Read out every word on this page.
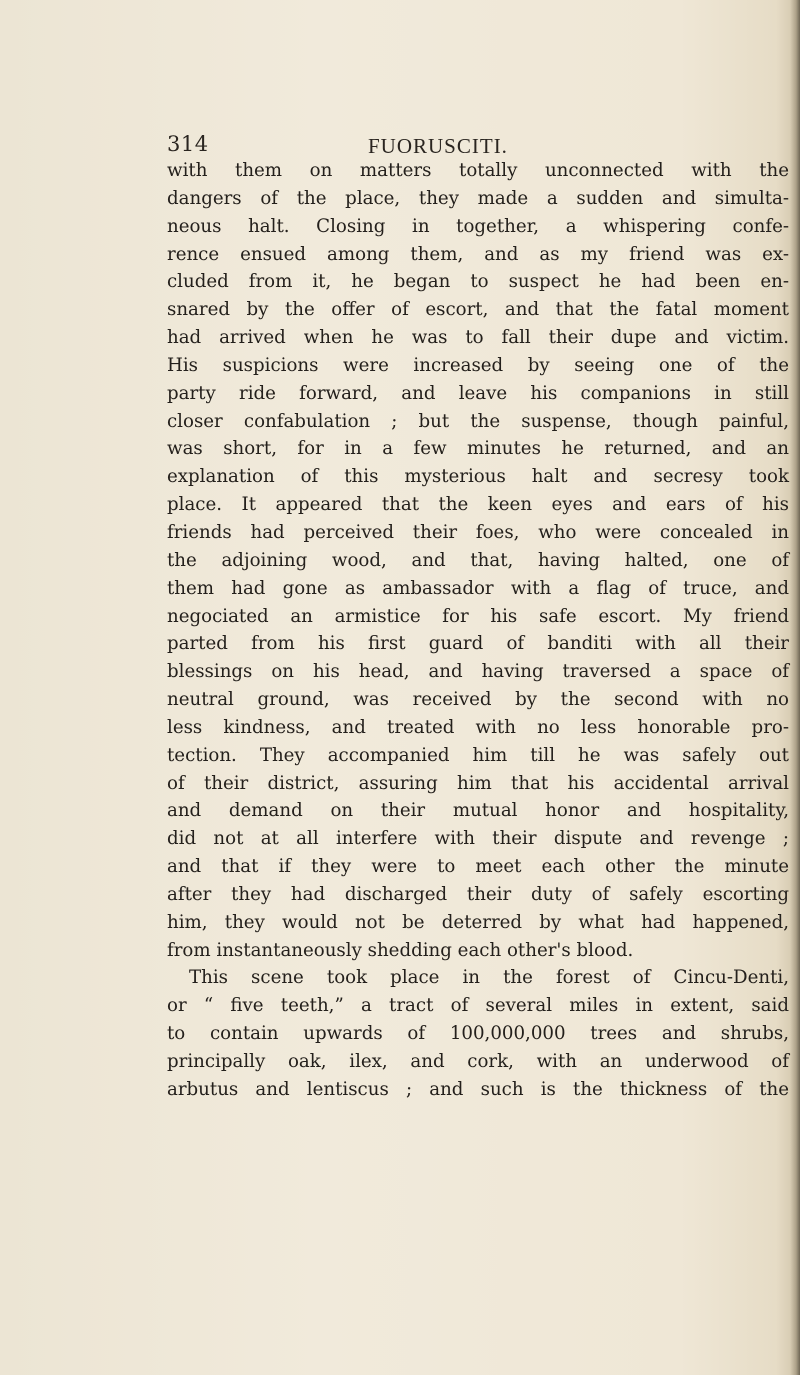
314	FUORUSCITI.
with them on matters totally unconnected with the
dangers of the place, they made a sudden and simulta-
neous halt. Closing in together, a whispering confe-
rence ensued among them, and as my friend was ex-
cluded from it, he began to suspect he had been en-
snared by the offer of escort, and that the fatal moment
had arrived when he was to fall their dupe and victim.
His suspicions were increased by seeing one of the
party ride forward, and leave his companions in still
closer confabulation ; but the suspense, though painful,
was short, for in a few minutes he returned, and an
explanation of this mysterious halt and secresy took
place. It appeared that the keen eyes and ears of his
friends had perceived their foes, who were concealed in
the adjoining wood, and that, having halted, one of
them had gone as ambassador with a flag of truce, and
negociated an armistice for his safe escort. My friend
parted from his first guard of banditi with all their
blessings on his head, and having traversed a space of
neutral ground, was received by the second with no
less kindness, and treated with no less honorable pro-
tection. They accompanied him till he was safely out
of their district, assuring him that his accidental arrival
and demand on their mutual honor and hospitality,
did not at all interfere with their dispute and revenge ;
and that if they were to meet each other the minute
after they had discharged their duty of safely escorting
him, they would not be deterred by what had happened,
from instantaneously shedding each other's blood.
This scene took place in the forest of Cincu-Denti,
or “ five teeth,” a tract of several miles in extent, said
to contain upwards of 100,000,000 trees and shrubs,
principally oak, ilex, and cork, with an underwood of
arbutus and lentiscus ; and such is the thickness of the
